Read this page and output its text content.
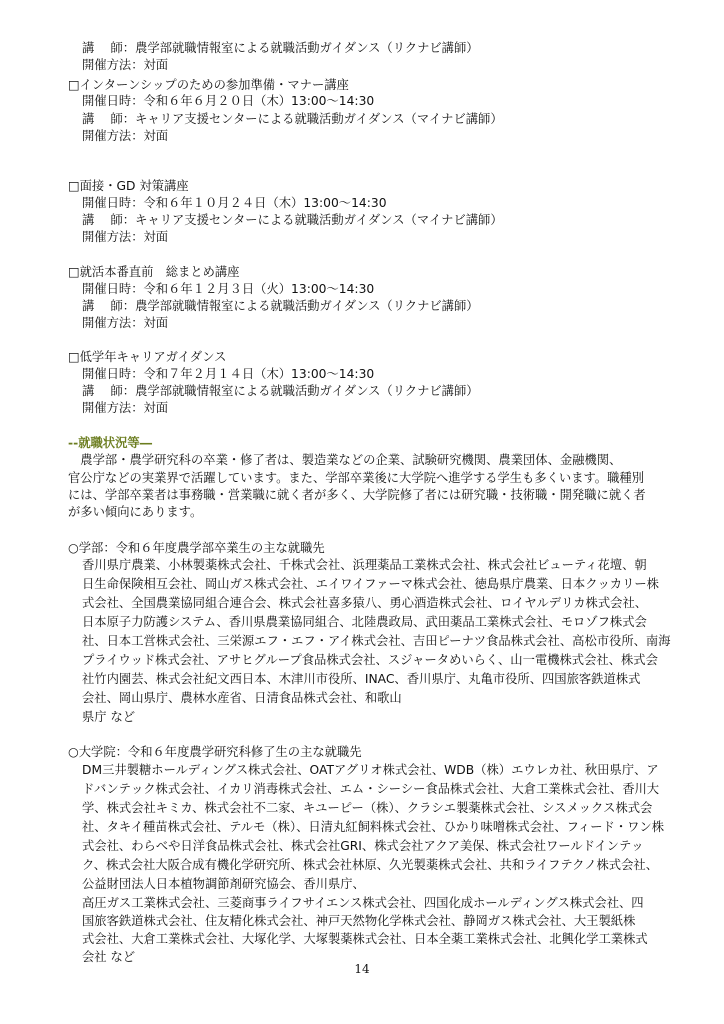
講　 師：農学部就職情報室による就職活動ガイダンス（リクナビ講師）
開催方法：対面
□インターンシップのための参加準備・マナー講座
開催日時：令和６年６月２０日（木）13:00～14:30
講　 師：キャリア支援センターによる就職活動ガイダンス（マイナビ講師）
開催方法：対面
□面接・GD 対策講座
開催日時：令和６年１０月２４日（木）13:00～14:30
講　 師：キャリア支援センターによる就職活動ガイダンス（マイナビ講師）
開催方法：対面
□就活本番直前　総まとめ講座
開催日時：令和６年１２月３日（火）13:00～14:30
講　 師：農学部就職情報室による就職活動ガイダンス（リクナビ講師）
開催方法：対面
□低学年キャリアガイダンス
開催日時：令和７年２月１４日（木）13:00～14:30
講　 師：農学部就職情報室による就職活動ガイダンス（リクナビ講師）
開催方法：対面
--就職状況等―
　農学部・農学研究科の卒業・修了者は、製造業などの企業、試験研究機関、農業団体、金融機関、
官公庁などの実業界で活躍しています。また、学部卒業後に大学院へ進学する学生も多くいます。職種別
には、学部卒業者は事務職・営業職に就く者が多く、大学院修了者には研究職・技術職・開発職に就く者
が多い傾向にあります。
○学部：令和６年度農学部卒業生の主な就職先
香川県庁農業、小林製薬株式会社、千株式会社、浜理薬品工業株式会社、株式会社ビューティ花壇、朝
日生命保険相互会社、岡山ガス株式会社、エイワイファーマ株式会社、徳島県庁農業、日本クッカリー株
式会社、全国農業協同組合連合会、株式会社喜多猿八、勇心酒造株式会社、ロイヤルデリカ株式会社、
日本原子力防護システム、香川県農業協同組合、北陸農政局、武田薬品工業株式会社、モロゾフ株式会
社、日本工営株式会社、三栄源エフ・エフ・アイ株式会社、吉田ピーナツ食品株式会社、高松市役所、南海
プライウッド株式会社、アサヒグループ食品株式会社、スジャータめいらく、山一電機株式会社、株式会
社竹内園芸、株式会社紀文西日本、木津川市役所、INAC、香川県庁、丸亀市役所、四国旅客鉄道株式
会社、岡山県庁、農林水産省、日清食品株式会社、和歌山
県庁 など
○大学院：令和６年度農学研究科修了生の主な就職先
DM三井製糖ホールディングス株式会社、OATアグリオ株式会社、WDB（株）エウレカ社、秋田県庁、ア
ドバンテック株式会社、イカリ消毒株式会社、エム・シーシー食品株式会社、大倉工業株式会社、香川大
学、株式会社キミカ、株式会社不二家、キユーピー（株）、クラシエ製薬株式会社、シスメックス株式会
社、タキイ種苗株式会社、テルモ（株）、日清丸紅飼料株式会社、ひかり味噌株式会社、フィード・ワン株
式会社、わらべや日洋食品株式会社、株式会社GRI、株式会社アクア美保、株式会社ワールドインテッ
ク、株式会社大阪合成有機化学研究所、株式会社林原、久光製薬株式会社、共和ライフテクノ株式会社、
公益財団法人日本植物調節剤研究協会、香川県庁、
高圧ガス工業株式会社、三菱商事ライフサイエンス株式会社、四国化成ホールディングス株式会社、四
国旅客鉄道株式会社、住友精化株式会社、神戸天然物化学株式会社、静岡ガス株式会社、大王製紙株
式会社、大倉工業株式会社、大塚化学、大塚製薬株式会社、日本全薬工業株式会社、北興化学工業株式
会社 など
14
